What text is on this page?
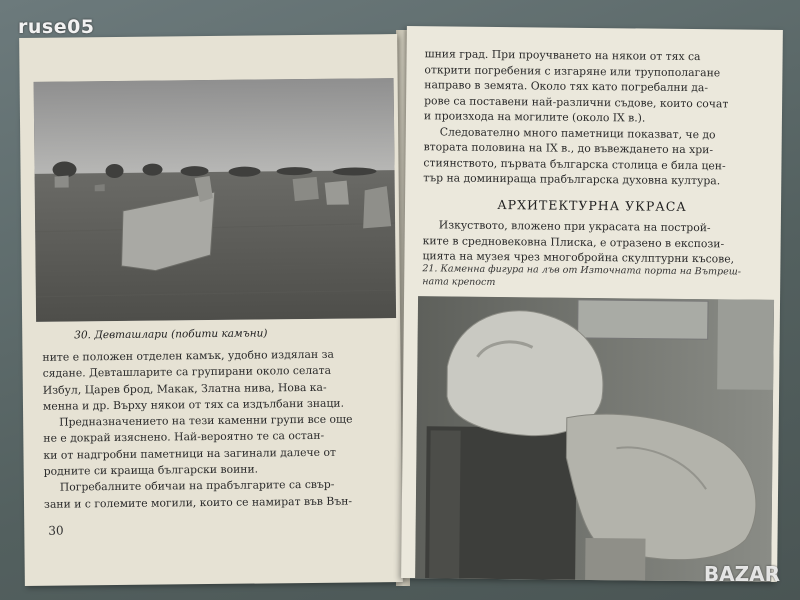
30. Девташлари (побити камъни)

ните е положен отделен камък, удобно издялан за

сядане. Девташларите са групирани около селата

Избул, Царев брод, Макак, Златна нива, Нова ка-

менна и др. Върху някои от тях са издълбани знаци.

Предназначението на тези каменни групи все още

не е докрай изяснено. Най-вероятно те са остан-

ки от надгробни паметници на загинали далече от

родните си краища български воини.

Погребалните обичаи на прабългарите са свър-

зани и с големите могили, които се намират във Вън-

30

шния град. При проучването на някои от тях са

открити погребения с изгаряне или трупополагане

направо в земята. Около тях като погребални да-

рове са поставени най-различни съдове, които сочат

и произхода на могилите (около IX в.).

Следователно много паметници показват, че до

втората половина на IX в., до въвеждането на хри-

стиянството, първата българска столица е била цен-

тър на доминираща прабългарска духовна култура.

АРХИТЕКТУРНА УКРАСА

Изкуството, вложено при украсата на построй-

ките в средновековна Плиска, е отразено в експози-

цията на музея чрез многобройна скулптурни късове,

21. Каменна фигура на лъв от Източната порта на Вътреш-ната крепост
ruse05
BAZAR
